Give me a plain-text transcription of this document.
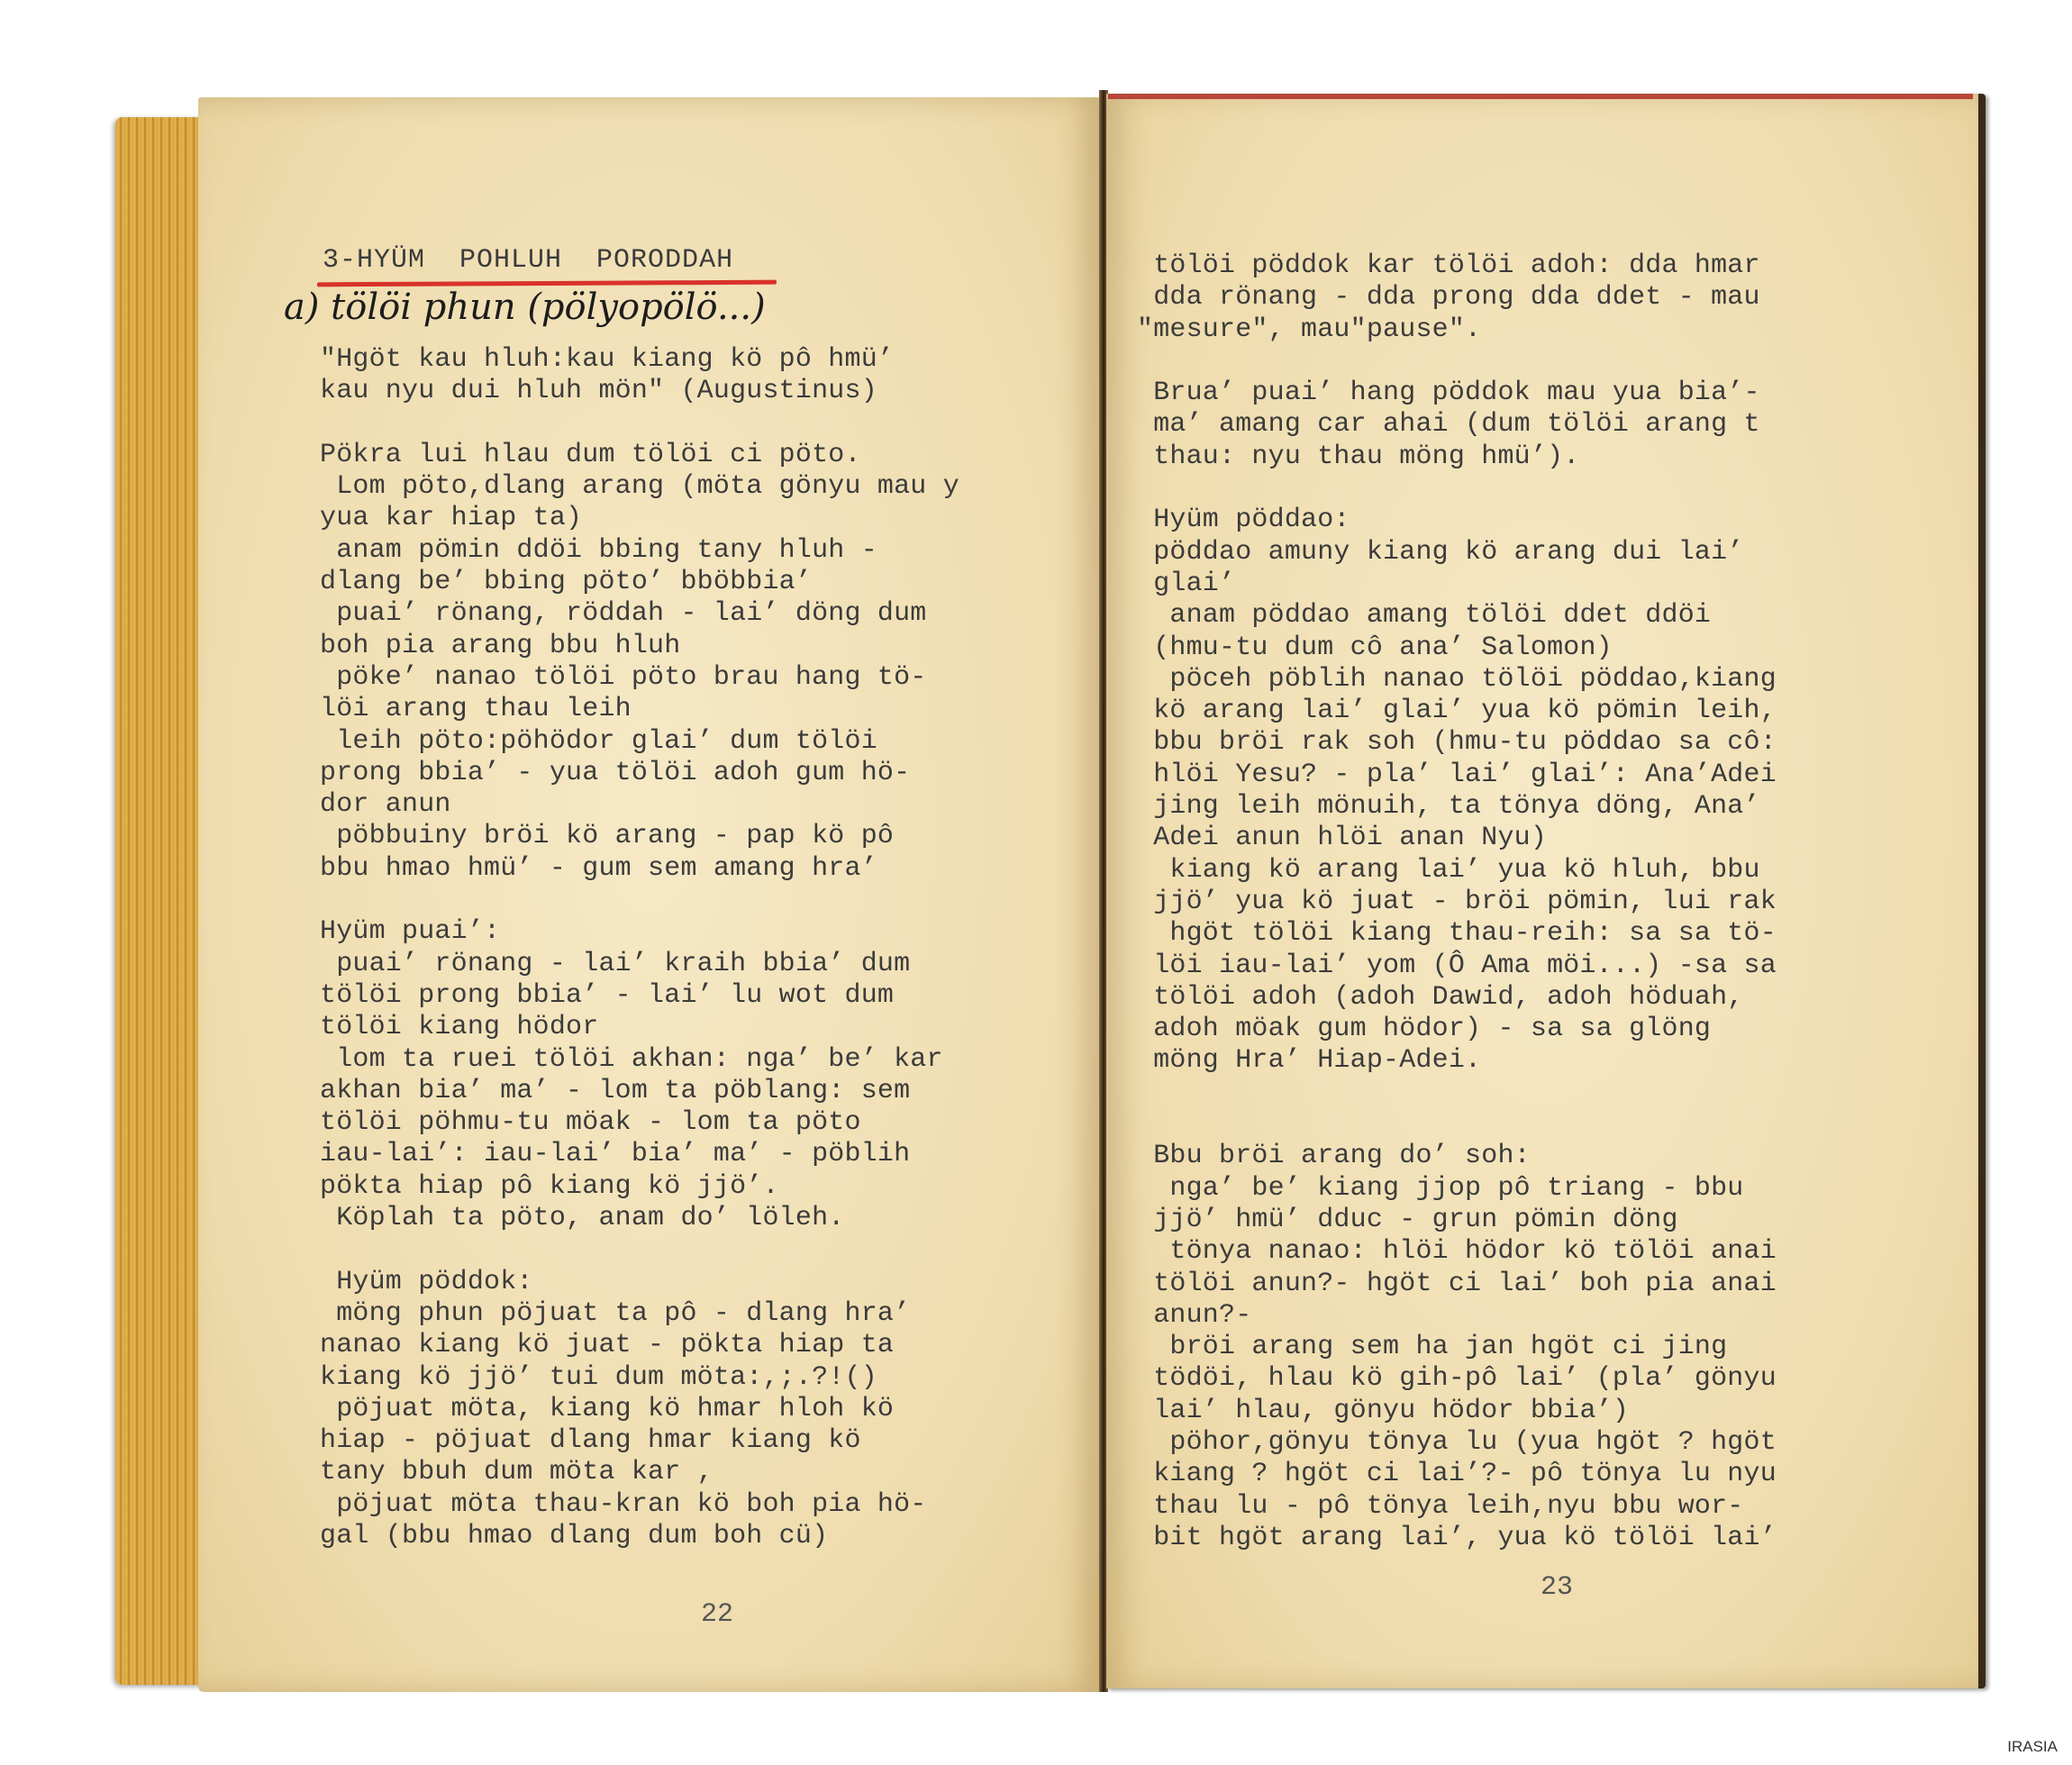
3-HYÜM  POHLUH  PORODDAH
a) tölöi phun (pölyopölö...)
"Hgöt kau hluh:kau kiang kö pô hmü’
kau nyu dui hluh mön" (Augustinus)
Pökra lui hlau dum tölöi ci pöto.
Lom pöto,dlang arang (möta gönyu mau y
yua kar hiap ta)
anam pömin ddöi bbing tany hluh -
dlang be’ bbing pöto’ bböbbia’
puai’ rönang, röddah - lai’ döng dum
boh pia arang bbu hluh
pöke’ nanao tölöi pöto brau hang tö-
löi arang thau leih
leih pöto:pöhödor glai’ dum tölöi
prong bbia’ - yua tölöi adoh gum hö-
dor anun
pöbbuiny bröi kö arang - pap kö pô
bbu hmao hmü’ - gum sem amang hra’
Hyüm puai’:
puai’ rönang - lai’ kraih bbia’ dum
tölöi prong bbia’ - lai’ lu wot dum
tölöi kiang hödor
lom ta ruei tölöi akhan: nga’ be’ kar
akhan bia’ ma’ - lom ta pöblang: sem
tölöi pöhmu-tu möak - lom ta pöto
iau-lai’: iau-lai’ bia’ ma’ - pöblih
pökta hiap pô kiang kö jjö’.
Köplah ta pöto, anam do’ löleh.
Hyüm pöddok:
möng phun pöjuat ta pô - dlang hra’
nanao kiang kö juat - pökta hiap ta
kiang kö jjö’ tui dum möta:,;.?!()
pöjuat möta, kiang kö hmar hloh kö
hiap - pöjuat dlang hmar kiang kö
tany bbuh dum möta kar ,
pöjuat möta thau-kran kö boh pia hö-
gal (bbu hmao dlang dum boh cü)
22
tölöi pöddok kar tölöi adoh: dda hmar
dda rönang - dda prong dda ddet - mau
"mesure", mau"pause".
Brua’ puai’ hang pöddok mau yua bia’-
ma’ amang car ahai (dum tölöi arang t
thau: nyu thau möng hmü’).
Hyüm pöddao:
pöddao amuny kiang kö arang dui lai’
glai’
anam pöddao amang tölöi ddet ddöi
(hmu-tu dum cô ana’ Salomon)
pöceh pöblih nanao tölöi pöddao,kiang
kö arang lai’ glai’ yua kö pömin leih,
bbu bröi rak soh (hmu-tu pöddao sa cô:
hlöi Yesu? - pla’ lai’ glai’: Ana’Adei
jing leih mönuih, ta tönya döng, Ana’
Adei anun hlöi anan Nyu)
kiang kö arang lai’ yua kö hluh, bbu
jjö’ yua kö juat - bröi pömin, lui rak
hgöt tölöi kiang thau-reih: sa sa tö-
löi iau-lai’ yom (Ô Ama möi...) -sa sa
tölöi adoh (adoh Dawid, adoh höduah,
adoh möak gum hödor) - sa sa glöng
möng Hra’ Hiap-Adei.
Bbu bröi arang do’ soh:
nga’ be’ kiang jjop pô triang - bbu
jjö’ hmü’ dduc - grun pömin döng
tönya nanao: hlöi hödor kö tölöi anai
tölöi anun?- hgöt ci lai’ boh pia anai
anun?-
bröi arang sem ha jan hgöt ci jing
tödöi, hlau kö gih-pô lai’ (pla’ gönyu
lai’ hlau, gönyu hödor bbia’)
pöhor,gönyu tönya lu (yua hgöt ? hgöt
kiang ? hgöt ci lai’?- pô tönya lu nyu
thau lu - pô tönya leih,nyu bbu wor-
bit hgöt arang lai’, yua kö tölöi lai’
23
IRASIA
